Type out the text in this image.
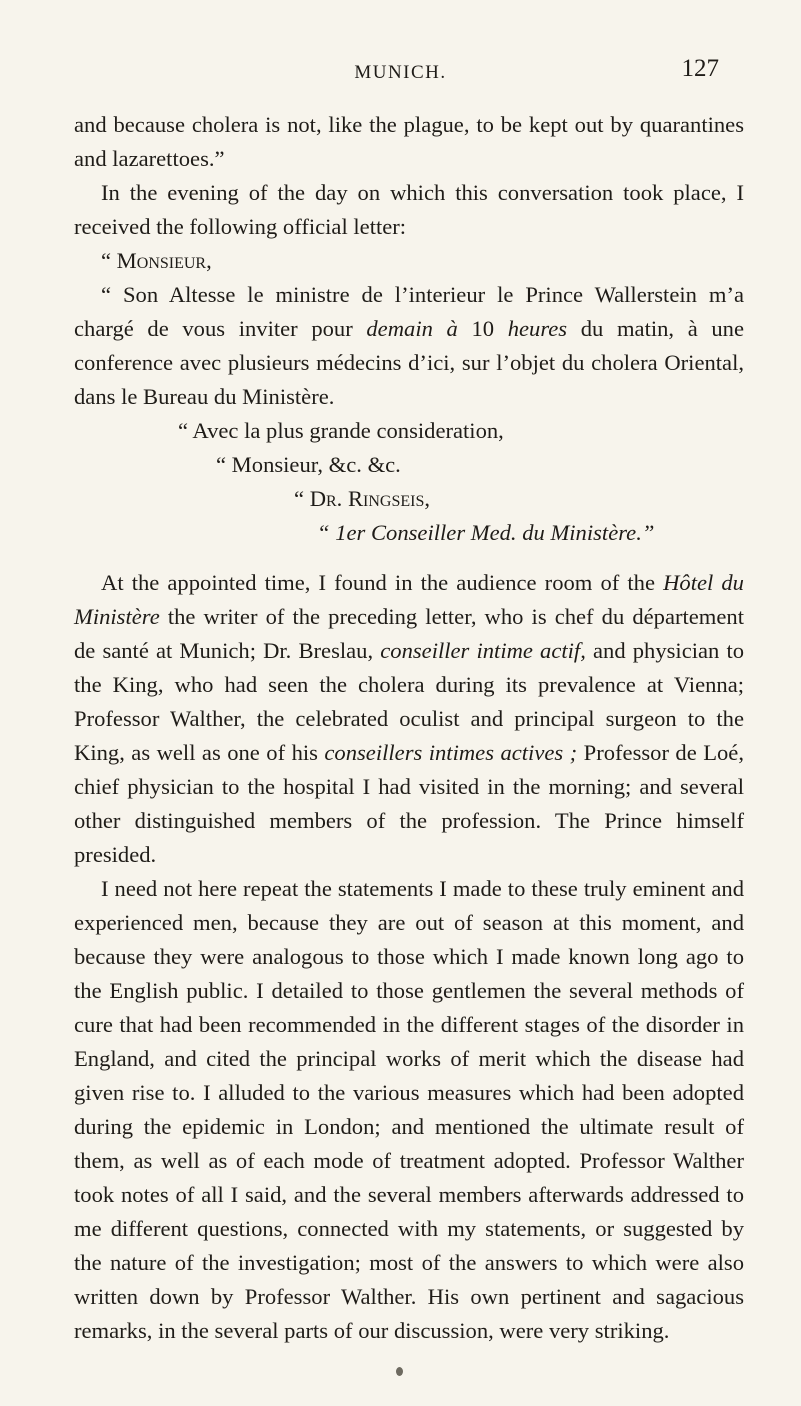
MUNICH.	127

and because cholera is not, like the plague, to be kept out by quarantines and lazarettoes.”

In the evening of the day on which this conversation took place, I received the following official letter:

“ Monsieur,

“ Son Altesse le ministre de l’interieur le Prince Wallerstein m’a chargé de vous inviter pour demain à 10 heures du matin, à une conference avec plusieurs médecins d’ici, sur l’objet du cholera Oriental, dans le Bureau du Ministère.

“ Avec la plus grande consideration,

“ Monsieur, &c. &c.

“ Dr. Ringseis,

“ 1er Conseiller Med. du Ministère.”

At the appointed time, I found in the audience room of the Hôtel du Ministère the writer of the preceding letter, who is chef du département de santé at Munich; Dr. Breslau, conseiller intime actif, and physician to the King, who had seen the cholera during its prevalence at Vienna; Professor Walther, the celebrated oculist and principal surgeon to the King, as well as one of his conseillers intimes actives ; Professor de Loé, chief physician to the hospital I had visited in the morning; and several other distinguished members of the profession. The Prince himself presided.

I need not here repeat the statements I made to these truly eminent and experienced men, because they are out of season at this moment, and because they were analogous to those which I made known long ago to the English public. I detailed to those gentlemen the several methods of cure that had been recommended in the different stages of the disorder in England, and cited the principal works of merit which the disease had given rise to. I alluded to the various measures which had been adopted during the epidemic in London; and mentioned the ultimate result of them, as well as of each mode of treatment adopted. Professor Walther took notes of all I said, and the several members afterwards addressed to me different questions, connected with my statements, or suggested by the nature of the investigation; most of the answers to which were also written down by Professor Walther. His own pertinent and sagacious remarks, in the several parts of our discussion, were very striking.
